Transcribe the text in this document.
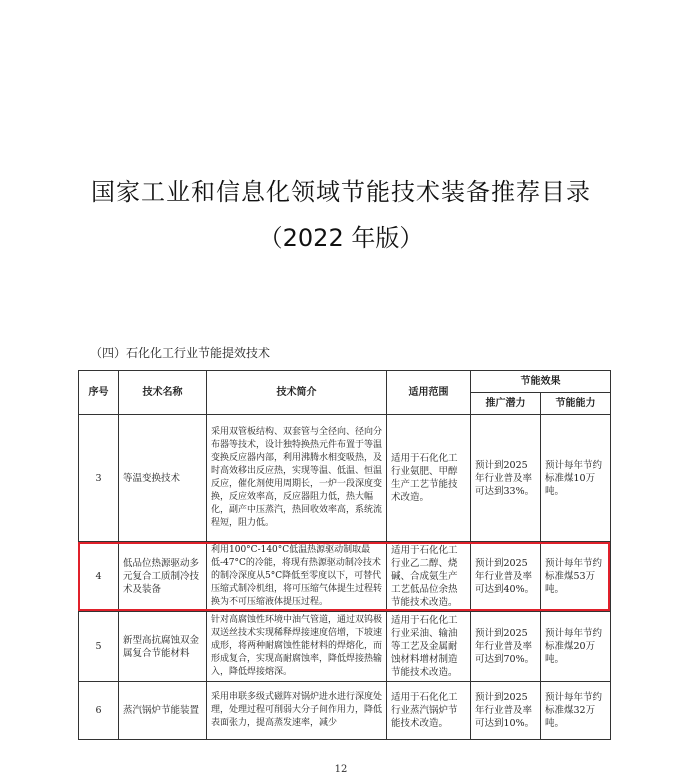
国家工业和信息化领域节能技术装备推荐目录
（2022 年版）
（四）石化化工行业节能提效技术
序号	技术名称	技术简介	适用范围	节能效果	
				推广潜力	节能能力
3	等温变换技术	采用双管板结构、双套管与全径向、径向分布器等技术，设计独特换热元件布置于等温变换反应器内部，利用沸腾水相变吸热，及时高效移出反应热，实现等温、低温、恒温反应，催化剂使用周期长，一炉一段深度变换，反应效率高，反应器阻力低，热大幅化，副产中压蒸汽，热回收效率高，系统流程短，阻力低。	适用于石化化工行业氨肥、甲醇生产工艺节能技术改造。	预计到2025年行业普及率可达到33%。	预计每年节约标准煤10万吨。
4	低品位热源驱动多元复合工质制冷技术及装备	利用100°C-140°C低温热源驱动制取最低-47°C的冷能，将现有热源驱动制冷技术的制冷深度从5°C降低至零度以下，可替代压缩式制冷机组，将可压缩气体提生过程转换为不可压缩液体提压过程。	适用于石化化工行业乙二醇、烧碱、合成氨生产工艺低品位余热节能技术改造。	预计到2025年行业普及率可达到40%。	预计每年节约标准煤53万吨。
5	新型高抗腐蚀双金属复合节能材料	针对高腐蚀性环境中油气管道，通过双钨极双送丝技术实现稀释焊接速度倍增，下坡速成形，将两种耐腐蚀性能材料的焊熔化，而形成复合，实现高耐腐蚀率，降低焊接热输入，降低焊接熔深。	适用于石化化工行业采油、输油等工艺及金属耐蚀材料增材制造节能技术改造。	预计到2025年行业普及率可达到70%。	预计每年节约标准煤20万吨。
6	蒸汽锅炉节能装置	采用串联多级式磁阵对锅炉进水进行深度处理，处理过程可削弱大分子间作用力，降低表面张力，提高蒸发速率，减少	适用于石化化工行业蒸汽锅炉节能技术改造。	预计到2025年行业普及率可达到10%。	预计每年节约标准煤32万吨。
12
